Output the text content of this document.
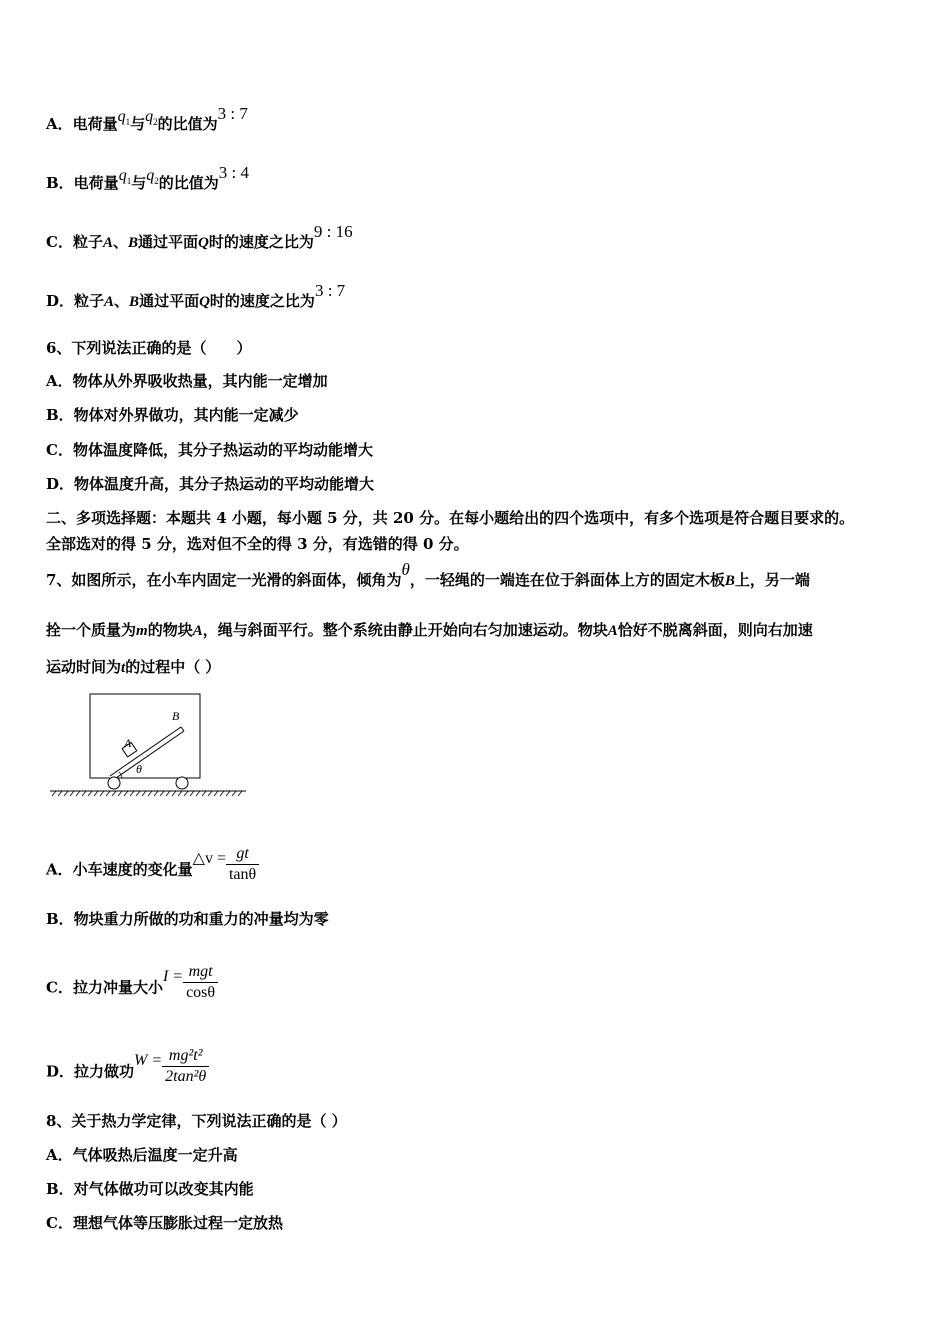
A．电荷量$q_1$与$q_2$的比值为3 : 7
B．电荷量$q_1$与$q_2$的比值为3 : 4
C．粒子A、B通过平面Q时的速度之比为9 : 16
D．粒子A、B通过平面Q时的速度之比为3 : 7
6、下列说法正确的是（　　）
A．物体从外界吸收热量，其内能一定增加
B．物体对外界做功，其内能一定减少
C．物体温度降低，其分子热运动的平均动能增大
D．物体温度升高，其分子热运动的平均动能增大
二、多项选择题：本题共 4 小题，每小题 5 分，共 20 分。在每小题给出的四个选项中，有多个选项是符合题目要求的。
全部选对的得 5 分，选对但不全的得 3 分，有选错的得 0 分。
7、如图所示，在小车内固定一光滑的斜面体，倾角为θ，一轻绳的一端连在位于斜面体上方的固定木板B上，另一端
拴一个质量为m的物块A，绳与斜面平行。整个系统由静止开始向右匀加速运动。物块A恰好不脱离斜面，则向右加速
运动时间为t的过程中（ ）
A
B
θ
A．小车速度的变化量△v = $\frac{gt}{\tan\theta}$
B．物块重力所做的功和重力的冲量均为零
C．拉力冲量大小$I = \frac{\text{mgt}}{\cos\theta}$
D．拉力做功$W = \frac{\text{mg²t²}}{\text{2tan²θ}}$
8、关于热力学定律，下列说法正确的是（ ）
A．气体吸热后温度一定升高
B．对气体做功可以改变其内能
C．理想气体等压膨胀过程一定放热
